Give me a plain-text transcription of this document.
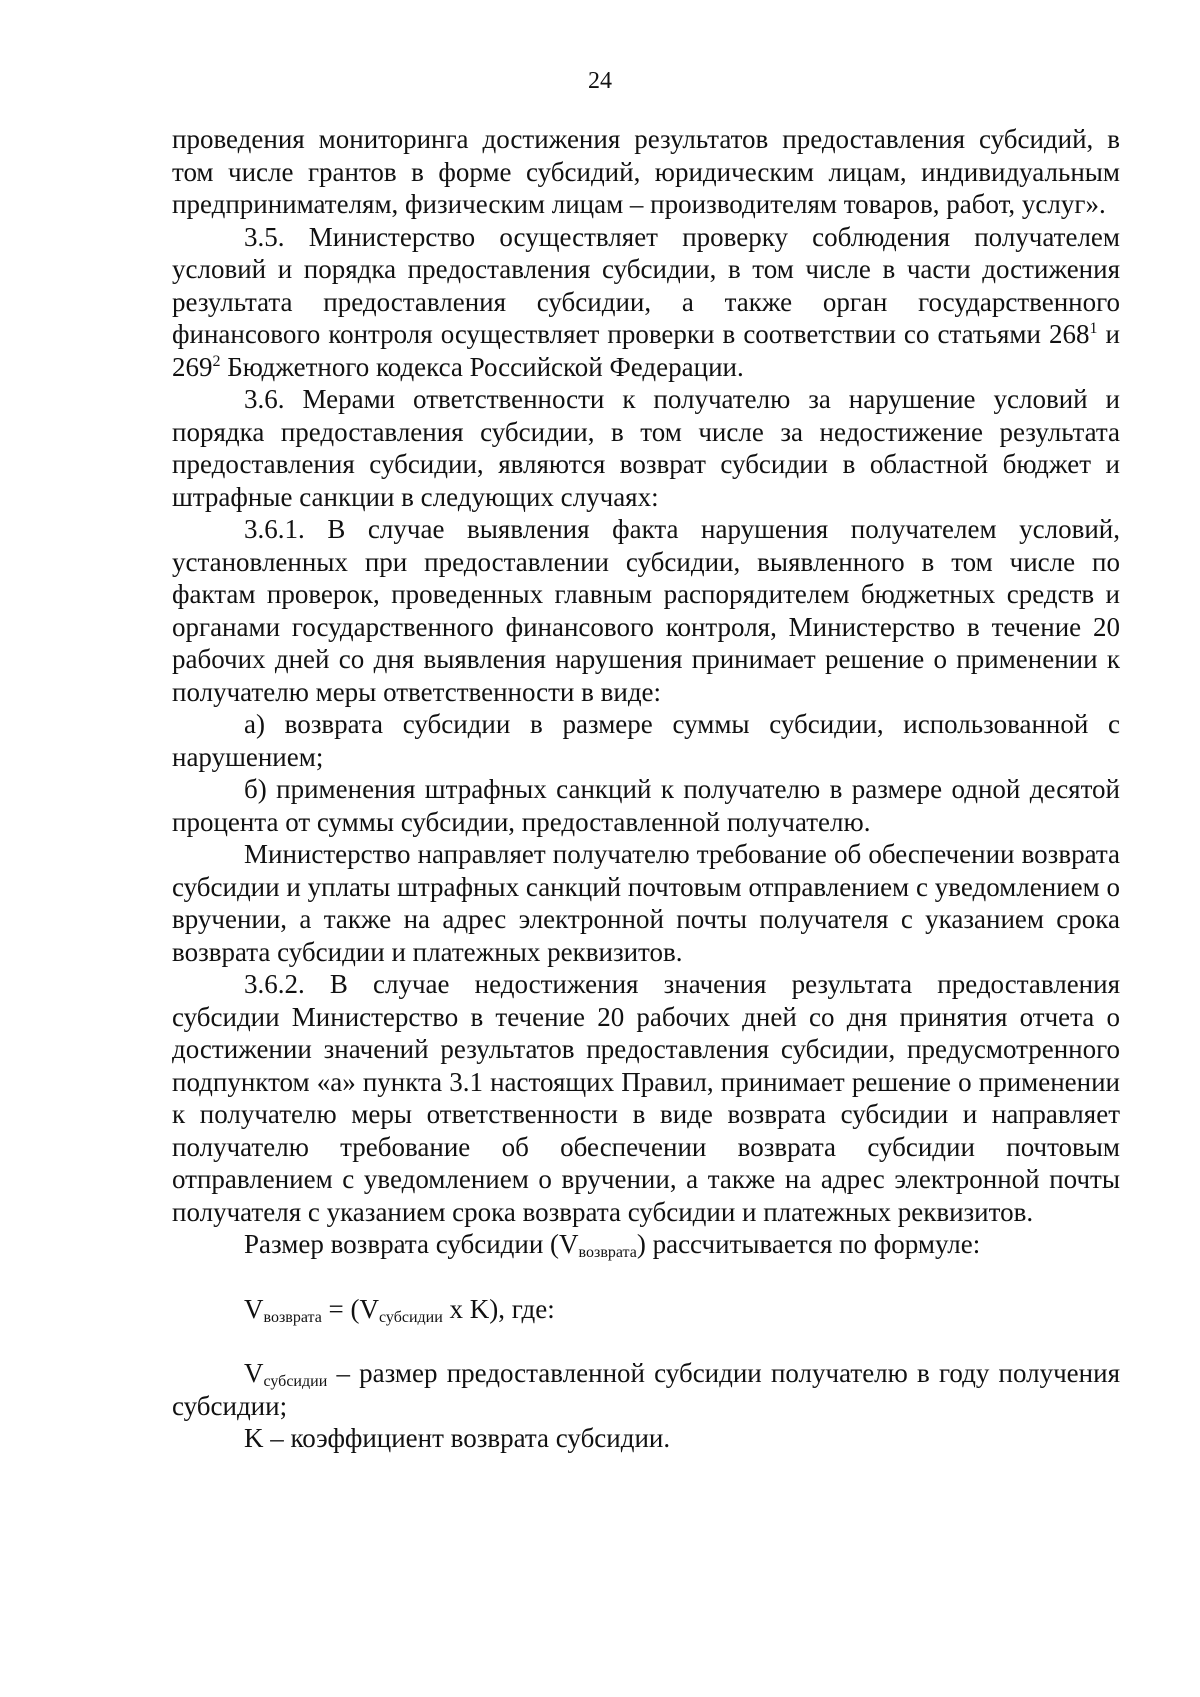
24

проведения мониторинга достижения результатов предоставления субсидий, в том числе грантов в форме субсидий, юридическим лицам, индивидуальным предпринимателям, физическим лицам – производителям товаров, работ, услуг».

3.5. Министерство осуществляет проверку соблюдения получателем условий и порядка предоставления субсидии, в том числе в части достижения результата предоставления субсидии, а также орган государственного финансового контроля осуществляет проверки в соответствии со статьями $268^1$ и $269^2$ Бюджетного кодекса Российской Федерации.

3.6. Мерами ответственности к получателю за нарушение условий и порядка предоставления субсидии, в том числе за недостижение результата предоставления субсидии, являются возврат субсидии в областной бюджет и штрафные санкции в следующих случаях:

3.6.1. В случае выявления факта нарушения получателем условий, установленных при предоставлении субсидии, выявленного в том числе по фактам проверок, проведенных главным распорядителем бюджетных средств и органами государственного финансового контроля, Министерство в течение 20 рабочих дней со дня выявления нарушения принимает решение о применении к получателю меры ответственности в виде:

а) возврата субсидии в размере суммы субсидии, использованной с нарушением;

б) применения штрафных санкций к получателю в размере одной десятой процента от суммы субсидии, предоставленной получателю.

Министерство направляет получателю требование об обеспечении возврата субсидии и уплаты штрафных санкций почтовым отправлением с уведомлением о вручении, а также на адрес электронной почты получателя с указанием срока возврата субсидии и платежных реквизитов.

3.6.2. В случае недостижения значения результата предоставления субсидии Министерство в течение 20 рабочих дней со дня принятия отчета о достижении значений результатов предоставления субсидии, предусмотренного подпунктом «а» пункта 3.1 настоящих Правил, принимает решение о применении к получателю меры ответственности в виде возврата субсидии и направляет получателю требование об обеспечении возврата субсидии почтовым отправлением с уведомлением о вручении, а также на адрес электронной почты получателя с указанием срока возврата субсидии и платежных реквизитов.

Размер возврата субсидии $(V_{возврата})$ рассчитывается по формуле:

$V_{возврата} = (V_{субсидии}$ x K), где:

$V_{субсидии}$ – размер предоставленной субсидии получателю в году получения субсидии;

K – коэффициент возврата субсидии.
